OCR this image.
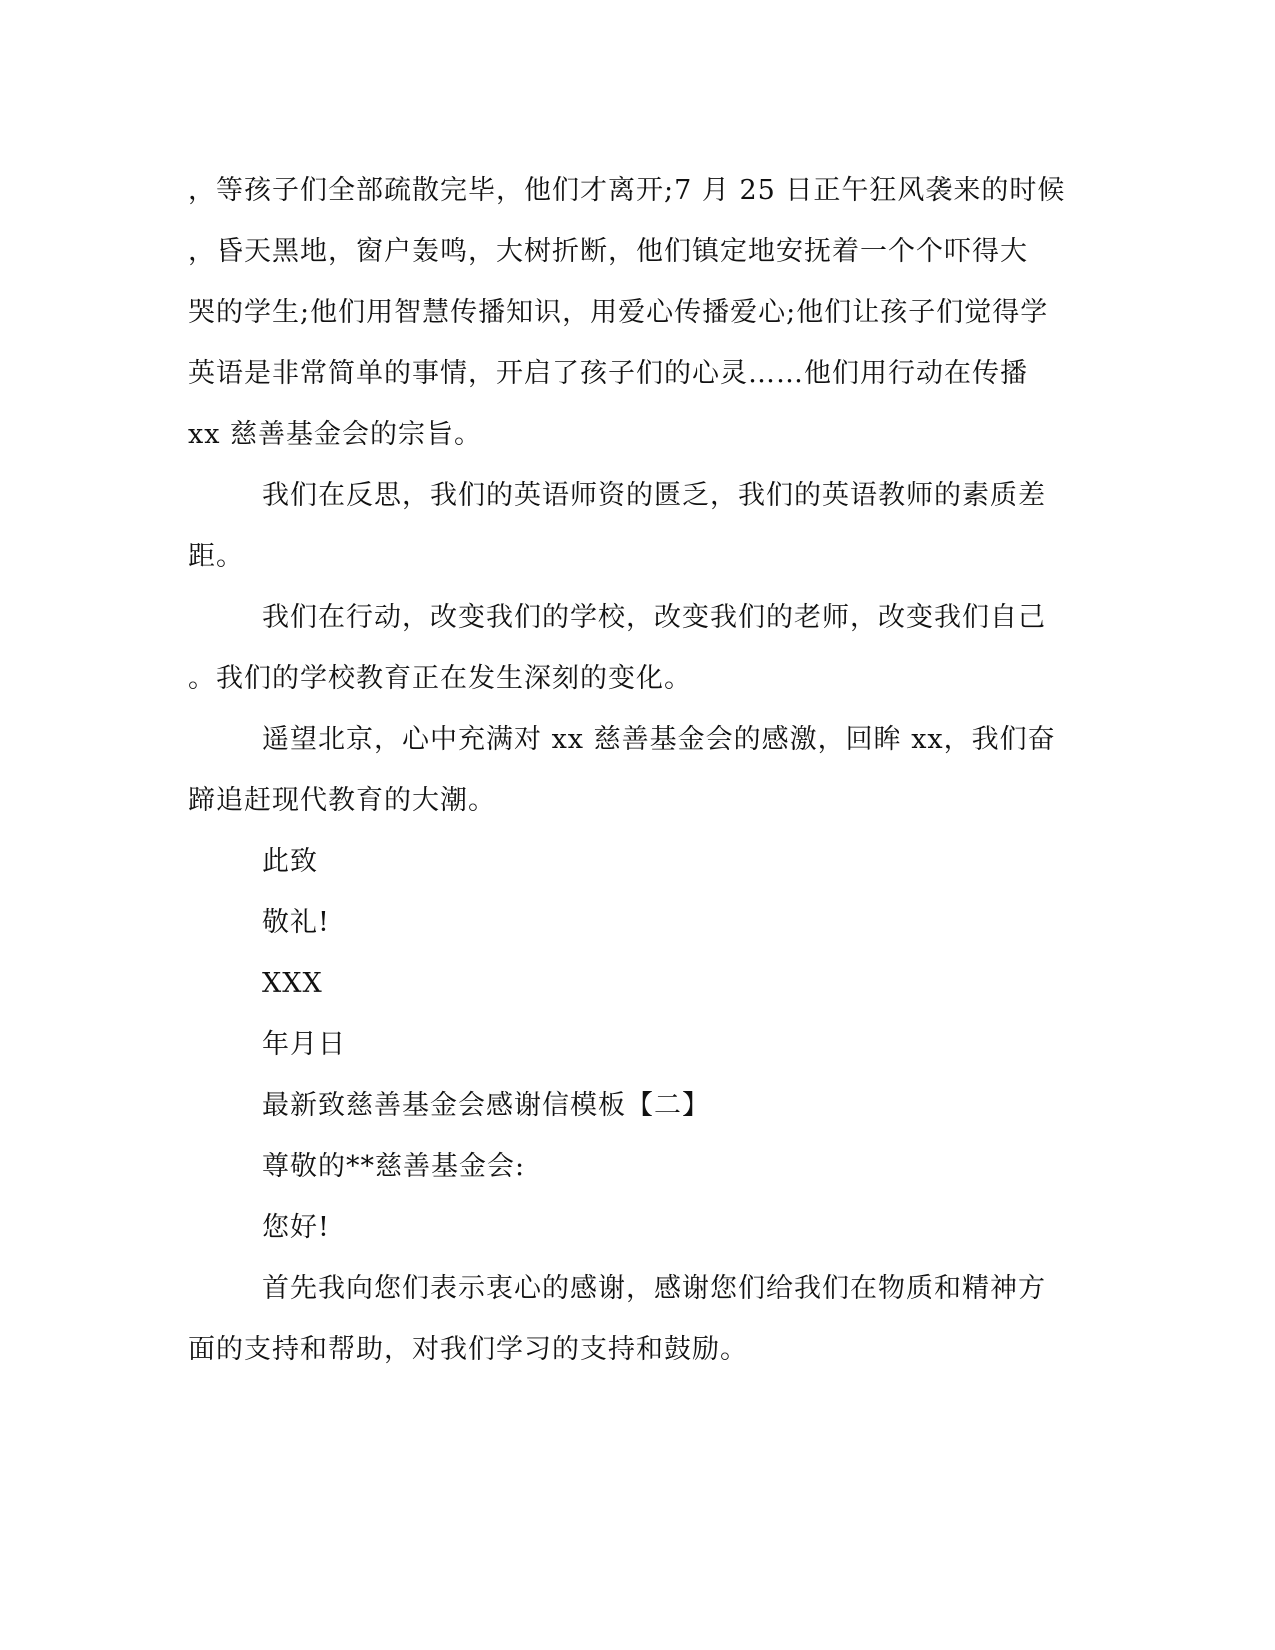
，等孩子们全部疏散完毕，他们才离开;7 月 25 日正午狂风袭来的时候
，昏天黑地，窗户轰鸣，大树折断，他们镇定地安抚着一个个吓得大
哭的学生;他们用智慧传播知识，用爱心传播爱心;他们让孩子们觉得学
英语是非常简单的事情，开启了孩子们的心灵……他们用行动在传播
xx 慈善基金会的宗旨。
我们在反思，我们的英语师资的匮乏，我们的英语教师的素质差
距。
我们在行动，改变我们的学校，改变我们的老师，改变我们自己
。我们的学校教育正在发生深刻的变化。
遥望北京，心中充满对 xx 慈善基金会的感激，回眸 xx，我们奋
蹄追赶现代教育的大潮。
此致
敬礼!
XXX
年月日
最新致慈善基金会感谢信模板【二】
尊敬的**慈善基金会:
您好!
首先我向您们表示衷心的感谢，感谢您们给我们在物质和精神方
面的支持和帮助，对我们学习的支持和鼓励。
